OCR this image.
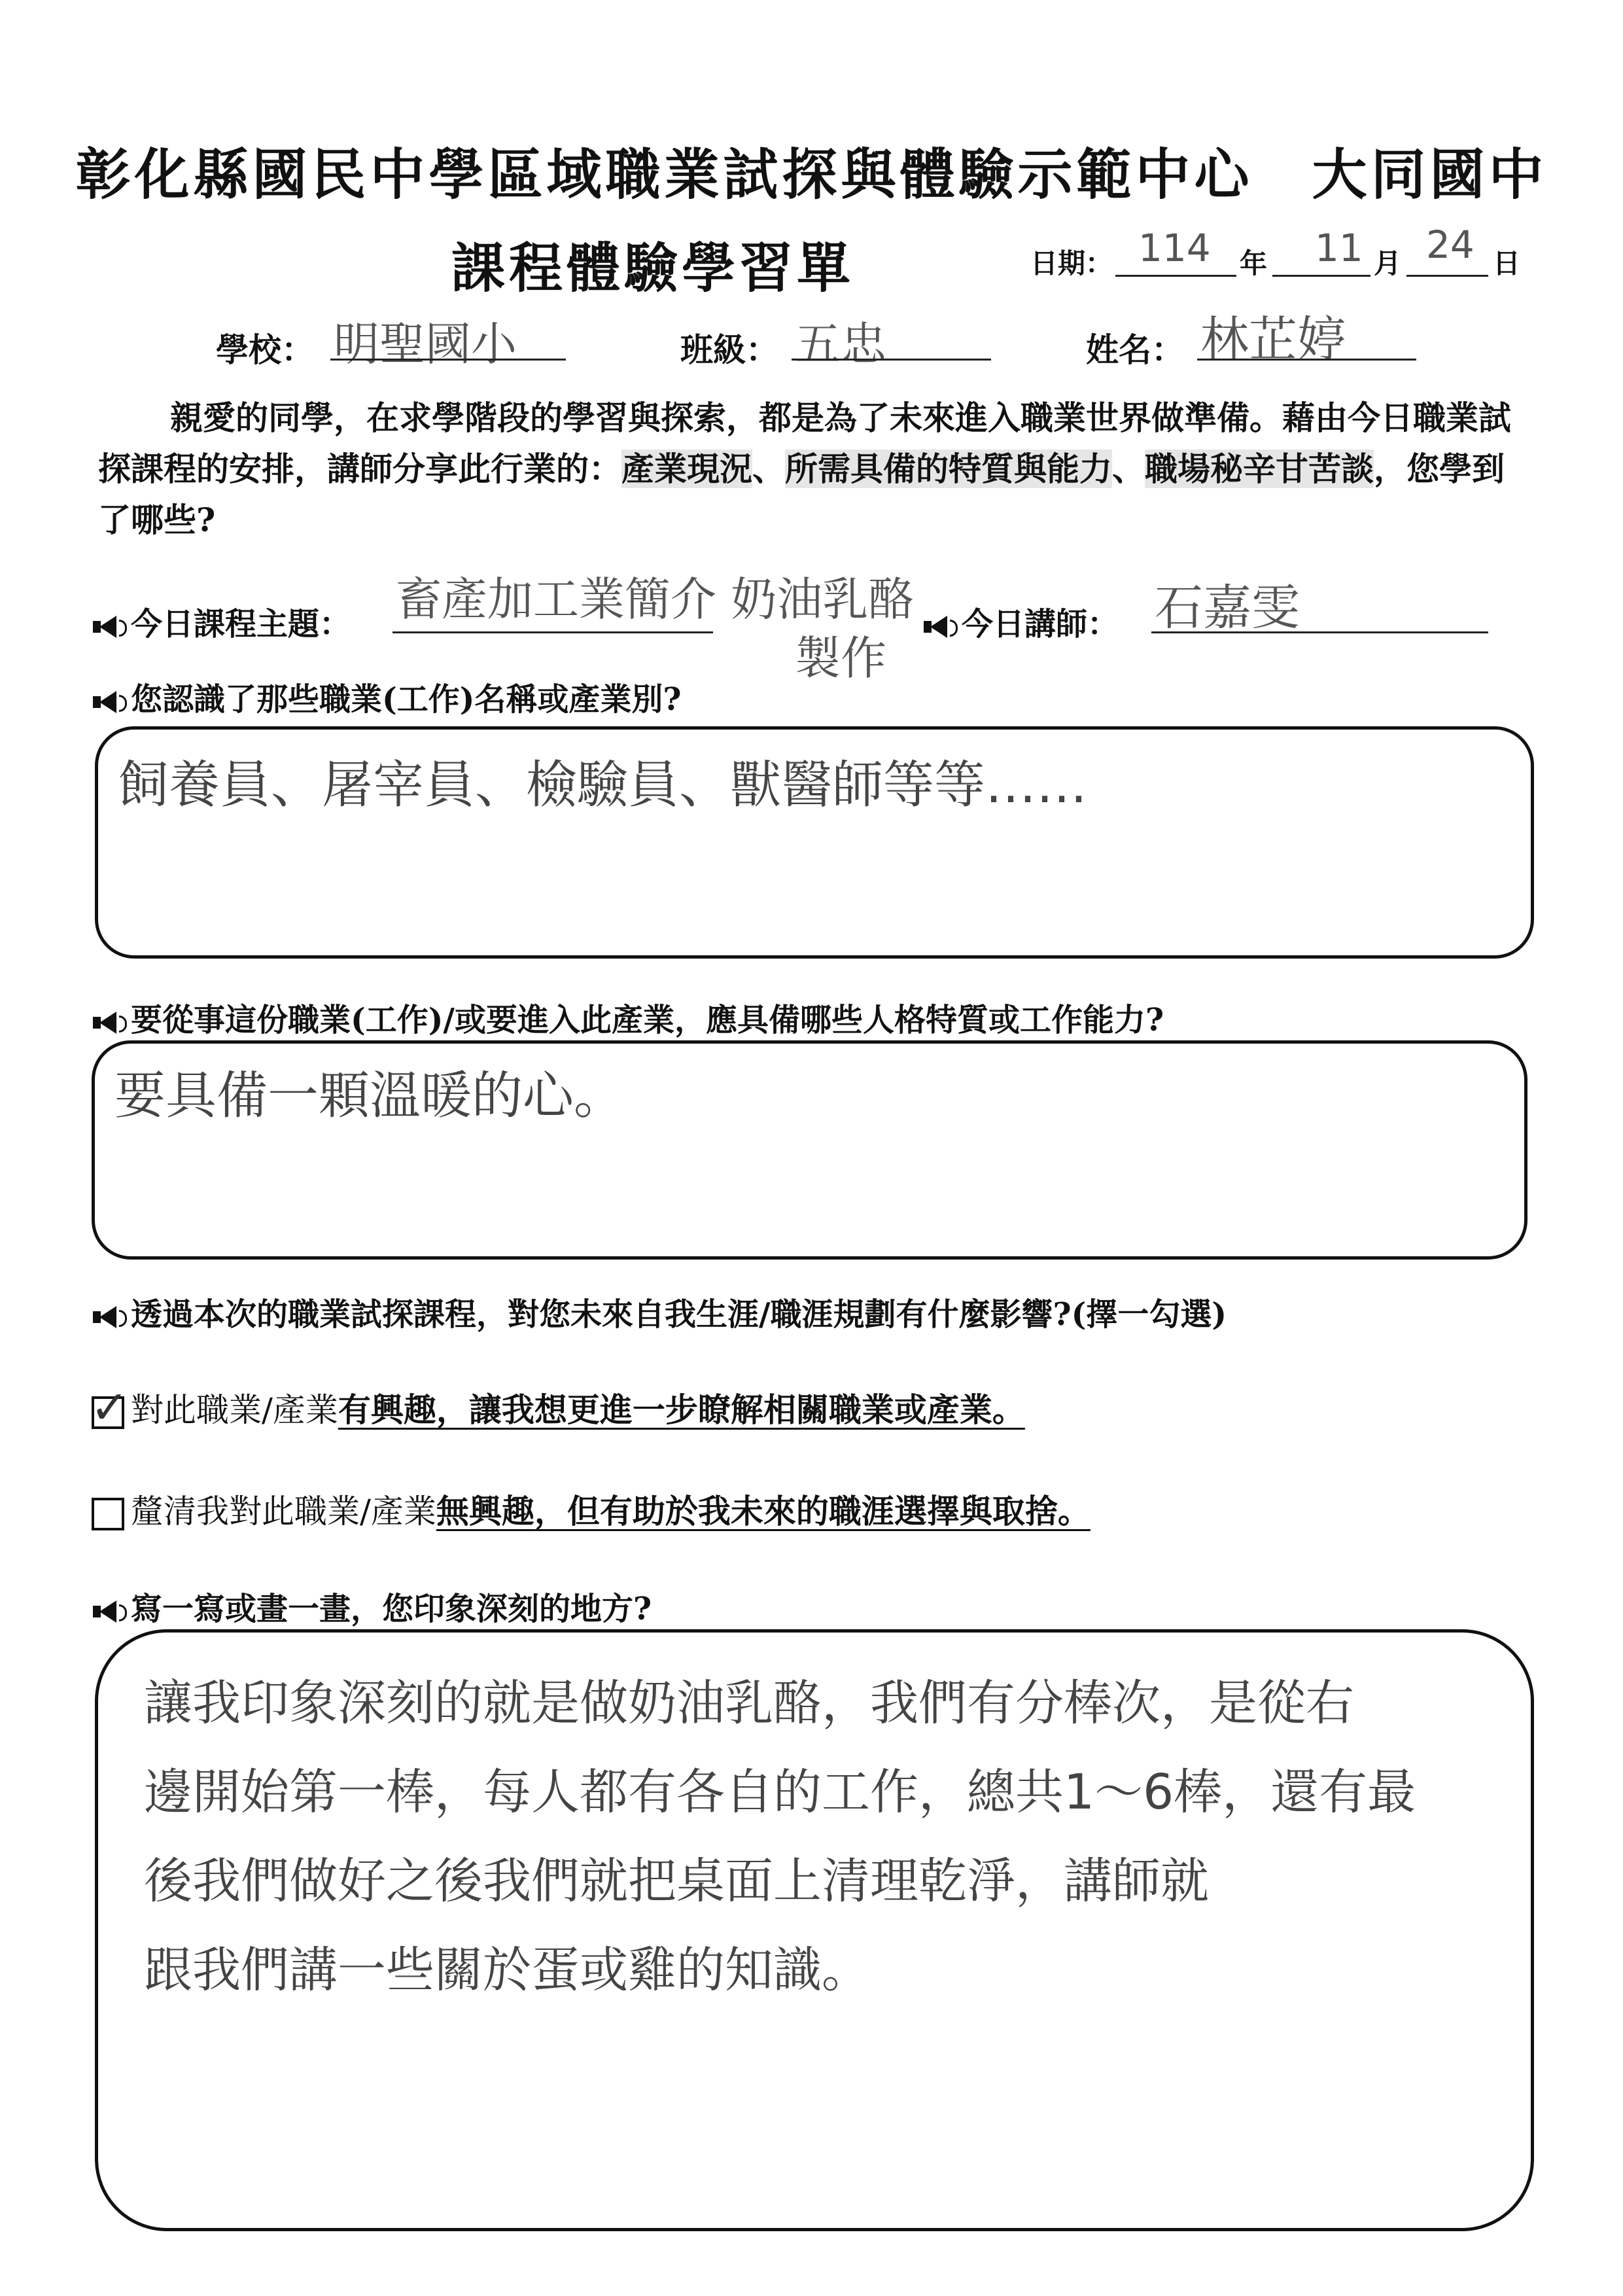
彰化縣國民中學區域職業試探與體驗示範中心　大同國中
課程體驗學習單	日期： 114 年 11 月 24 日
學校： 明聖國小	班級： 五忠	姓名： 林芷婷

親愛的同學，在求學階段的學習與探索，都是為了未來進入職業世界做準備。藉由今日職業試探課程的安排，講師分享此行業的：產業現況、所需具備的特質與能力、職場秘辛甘苦談，您學到了哪些?

今日課程主題： 畜產加工業簡介 奶油乳酪
製作
今日講師： 石嘉雯
您認識了那些職業(工作)名稱或產業別?
飼養員、屠宰員、檢驗員、獸醫師等等……
要從事這份職業(工作)/或要進入此產業，應具備哪些人格特質或工作能力?
要具備一顆溫暖的心。
透過本次的職業試探課程，對您未來自我生涯/職涯規劃有什麼影響?(擇一勾選)
✓ 對此職業/產業有興趣，讓我想更進一步瞭解相關職業或產業。
釐清我對此職業/產業無興趣，但有助於我未來的職涯選擇與取捨。
寫一寫或畫一畫，您印象深刻的地方?
讓我印象深刻的就是做奶油乳酪，我們有分棒次，是從右
邊開始第一棒，每人都有各自的工作，總共1～6棒，還有最
後我們做好之後我們就把桌面上清理乾淨，講師就
跟我們講一些關於蛋或雞的知識。
